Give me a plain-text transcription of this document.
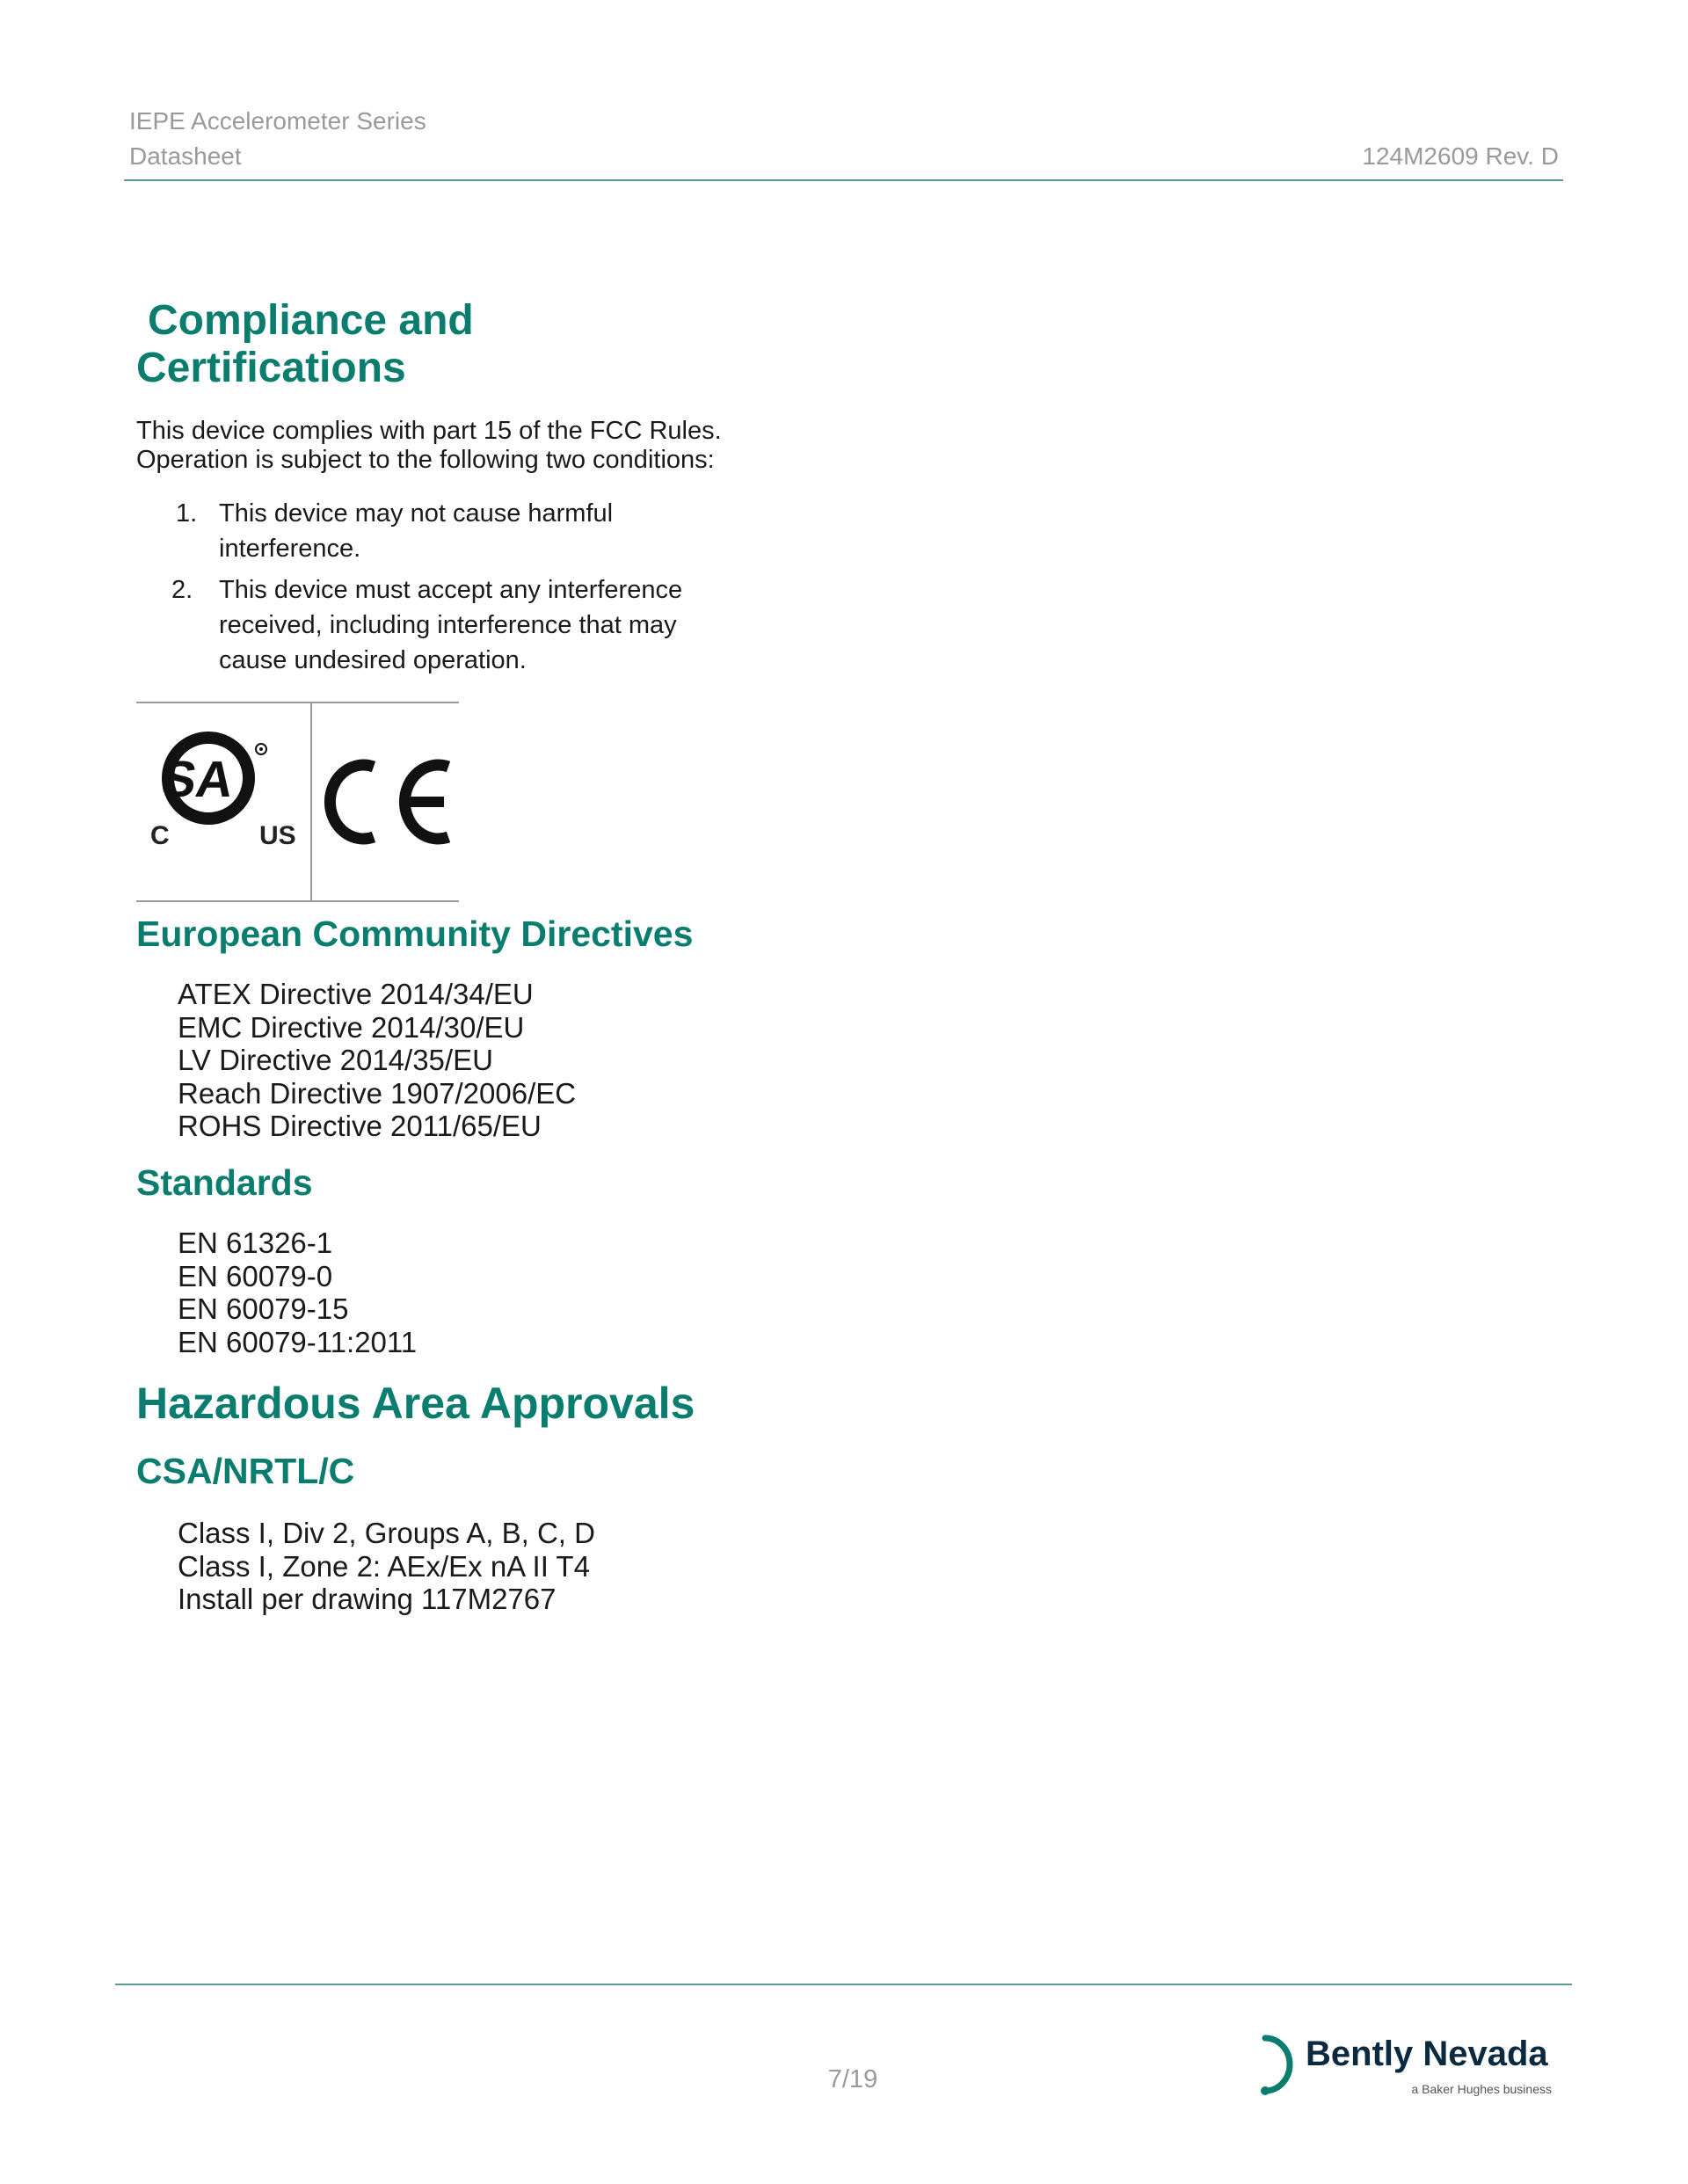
IEPE Accelerometer Series
Datasheet	124M2609 Rev. D
Compliance and
Certifications
This device complies with part 15 of the FCC Rules.
Operation is subject to the following two conditions:
1. This device may not cause harmful
interference.
2. This device must accept any interference
received, including interference that may
cause undesired operation.
SA
C	US
European Community Directives
ATEX Directive 2014/34/EU
EMC Directive 2014/30/EU
LV Directive 2014/35/EU
Reach Directive 1907/2006/EC
ROHS Directive 2011/65/EU
Standards
EN 61326-1
EN 60079-0
EN 60079-15
EN 60079-11:2011
Hazardous Area Approvals
CSA/NRTL/C
Class I, Div 2, Groups A, B, C, D
Class I, Zone 2: AEx/Ex nA II T4
Install per drawing 117M2767
7/19
Bently Nevada
a Baker Hughes business
